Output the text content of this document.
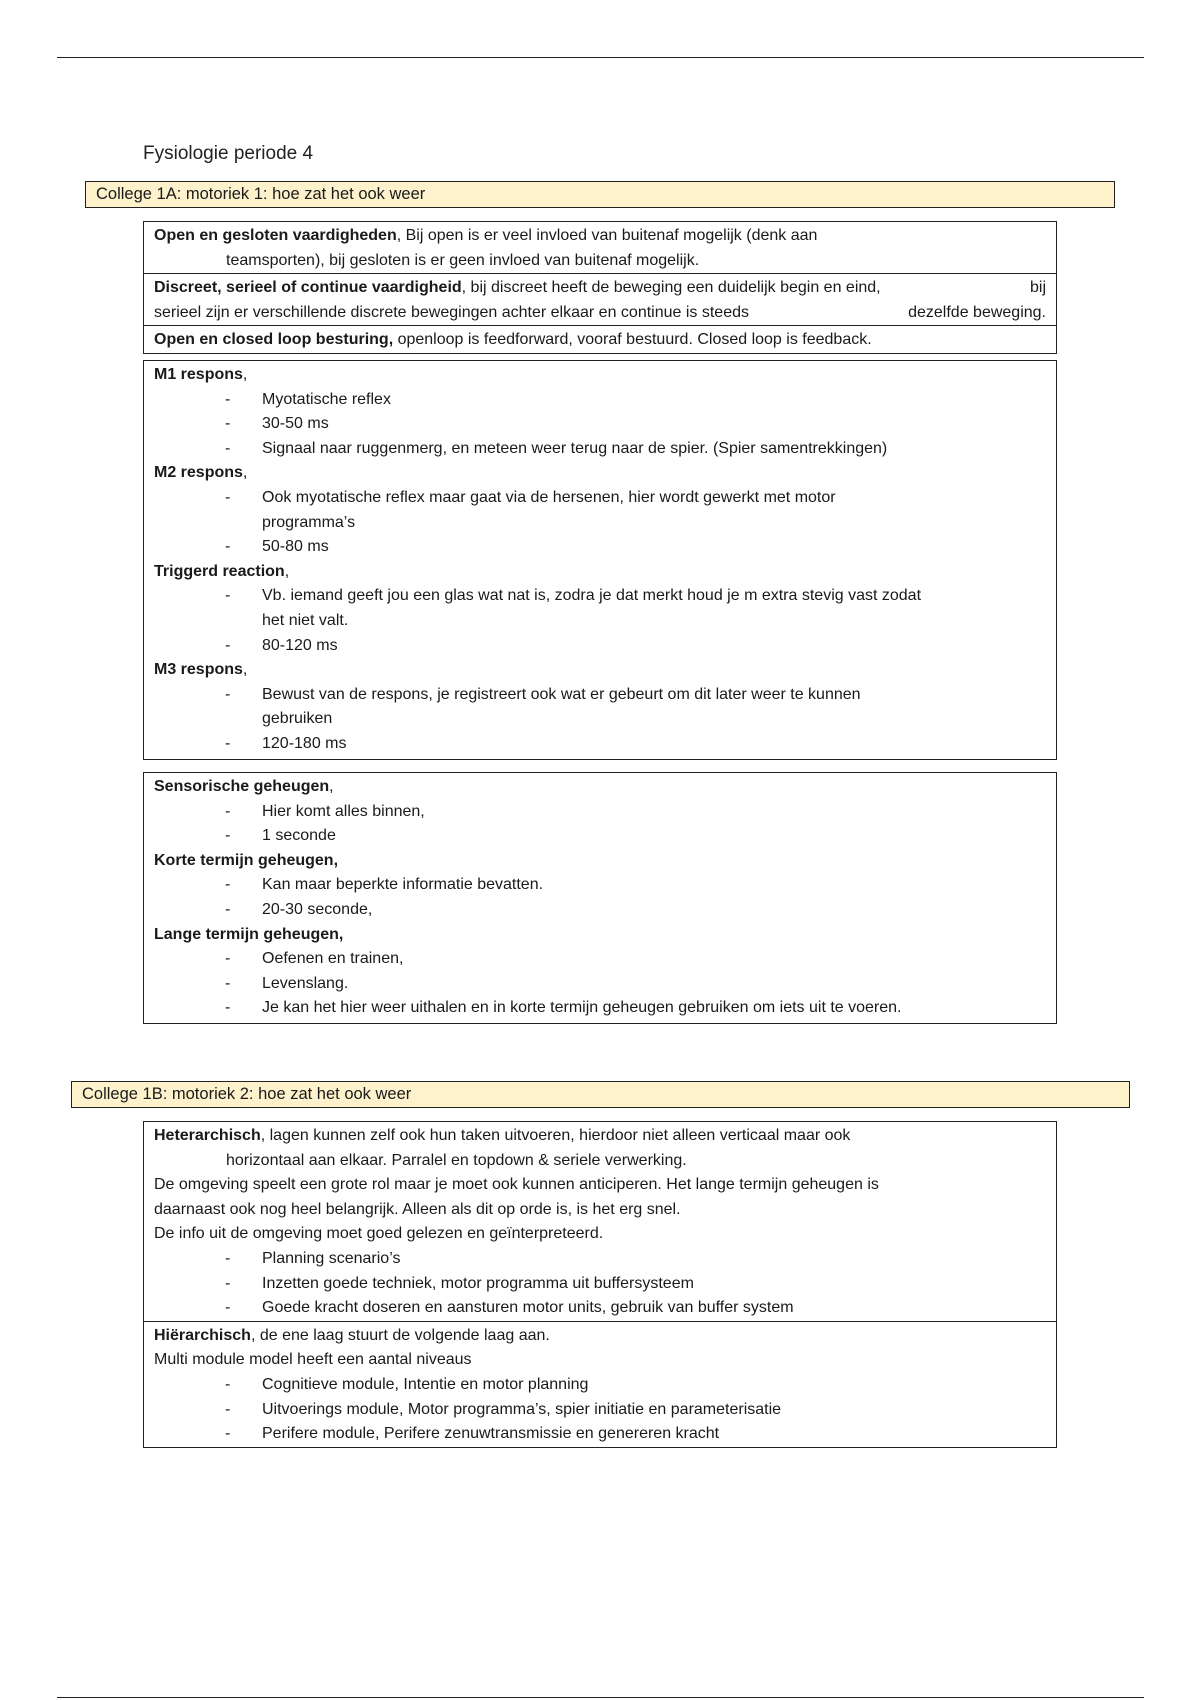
Fysiologie periode 4
College 1A: motoriek 1: hoe zat het ook weer
Open en gesloten vaardigheden, Bij open is er veel invloed van buitenaf mogelijk (denk aan
teamsporten), bij gesloten is er geen invloed van buitenaf mogelijk.
Discreet, serieel of continue vaardigheid, bij discreet heeft de beweging een duidelijk begin en eind,	bij
serieel zijn er verschillende discrete bewegingen achter elkaar en continue is steeds	dezelfde beweging.
Open en closed loop besturing, openloop is feedforward, vooraf bestuurd. Closed loop is feedback.
M1 respons,
- Myotatische reflex
- 30-50 ms
- Signaal naar ruggenmerg, en meteen weer terug naar de spier. (Spier samentrekkingen)
M2 respons,
- Ook myotatische reflex maar gaat via de hersenen, hier wordt gewerkt met motor
programma’s
- 50-80 ms
Triggerd reaction,
- Vb. iemand geeft jou een glas wat nat is, zodra je dat merkt houd je m extra stevig vast zodat
het niet valt.
- 80-120 ms
M3 respons,
- Bewust van de respons, je registreert ook wat er gebeurt om dit later weer te kunnen
gebruiken
- 120-180 ms
Sensorische geheugen,
- Hier komt alles binnen,
- 1 seconde
Korte termijn geheugen,
- Kan maar beperkte informatie bevatten.
- 20-30 seconde,
Lange termijn geheugen,
- Oefenen en trainen,
- Levenslang.
- Je kan het hier weer uithalen en in korte termijn geheugen gebruiken om iets uit te voeren.
College 1B: motoriek 2: hoe zat het ook weer
Heterarchisch, lagen kunnen zelf ook hun taken uitvoeren, hierdoor niet alleen verticaal maar ook
horizontaal aan elkaar. Parralel en topdown & seriele verwerking.
De omgeving speelt een grote rol maar je moet ook kunnen anticiperen. Het lange termijn geheugen is
daarnaast ook nog heel belangrijk. Alleen als dit op orde is, is het erg snel.
De info uit de omgeving moet goed gelezen en geïnterpreteerd.
- Planning scenario’s
- Inzetten goede techniek, motor programma uit buffersysteem
- Goede kracht doseren en aansturen motor units, gebruik van buffer system
Hiërarchisch, de ene laag stuurt de volgende laag aan.
Multi module model heeft een aantal niveaus
- Cognitieve module, Intentie en motor planning
- Uitvoerings module, Motor programma’s, spier initiatie en parameterisatie
- Perifere module, Perifere zenuwtransmissie en genereren kracht
